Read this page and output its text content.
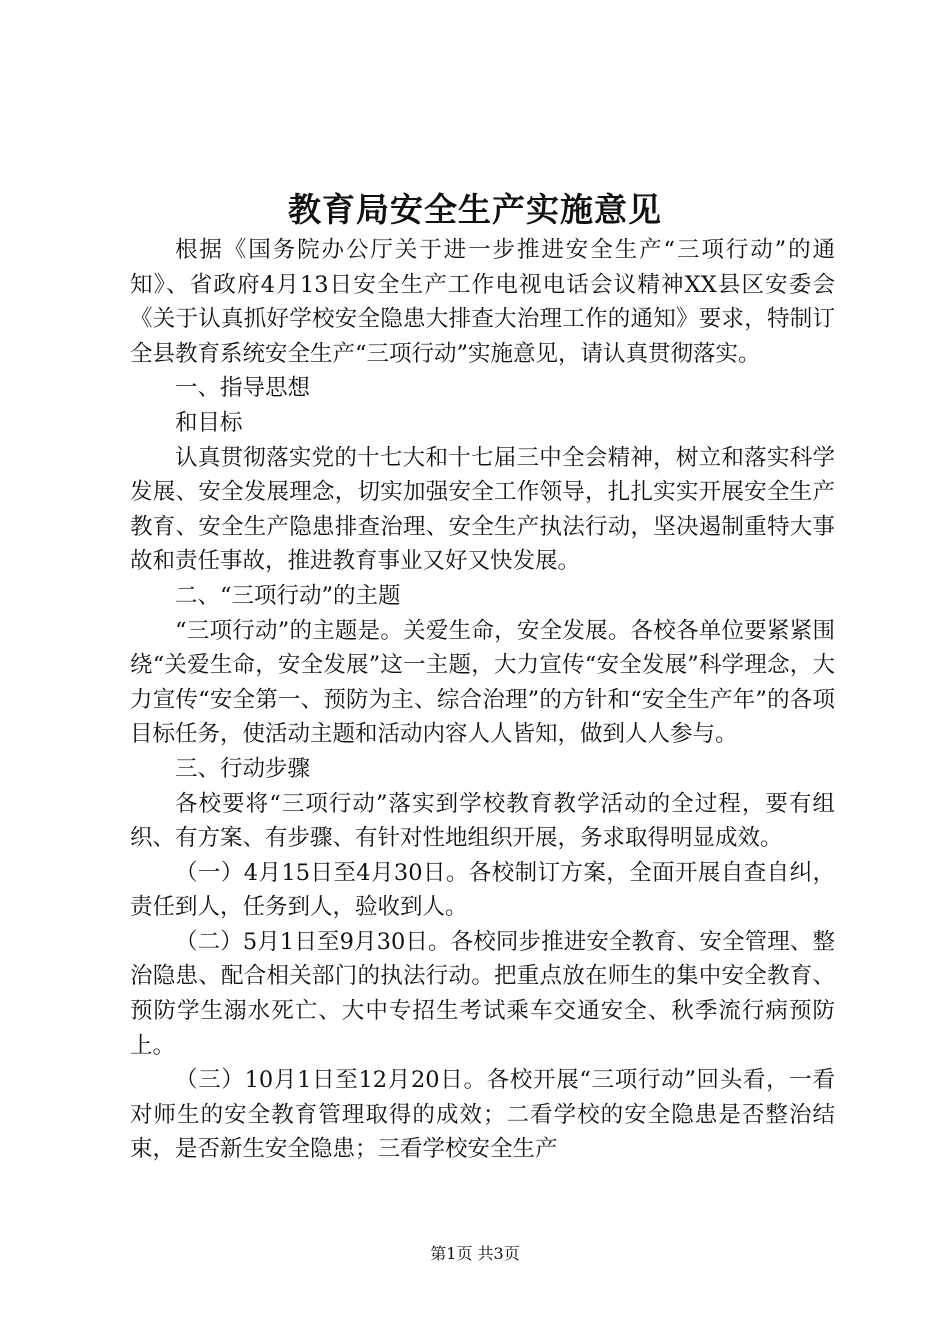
教育局安全生产实施意见

根据《国务院办公厅关于进一步推进安全生产“三项行动”的通知》、省政府4月13日安全生产工作电视电话会议精神XX县区安委会《关于认真抓好学校安全隐患大排查大治理工作的通知》要求，特制订全县教育系统安全生产“三项行动”实施意见，请认真贯彻落实。

一、指导思想

和目标

认真贯彻落实党的十七大和十七届三中全会精神，树立和落实科学发展、安全发展理念，切实加强安全工作领导，扎扎实实开展安全生产教育、安全生产隐患排查治理、安全生产执法行动，坚决遏制重特大事故和责任事故，推进教育事业又好又快发展。

二、“三项行动”的主题

“三项行动”的主题是。关爱生命，安全发展。各校各单位要紧紧围绕“关爱生命，安全发展”这一主题，大力宣传“安全发展”科学理念，大力宣传“安全第一、预防为主、综合治理”的方针和“安全生产年”的各项目标任务，使活动主题和活动内容人人皆知，做到人人参与。

三、行动步骤

各校要将“三项行动”落实到学校教育教学活动的全过程，要有组织、有方案、有步骤、有针对性地组织开展，务求取得明显成效。

（一）4月15日至4月30日。各校制订方案，全面开展自查自纠，责任到人，任务到人，验收到人。

（二）5月1日至9月30日。各校同步推进安全教育、安全管理、整治隐患、配合相关部门的执法行动。把重点放在师生的集中安全教育、预防学生溺水死亡、大中专招生考试乘车交通安全、秋季流行病预防上。

（三）10月1日至12月20日。各校开展“三项行动”回头看，一看对师生的安全教育管理取得的成效；二看学校的安全隐患是否整治结束，是否新生安全隐患；三看学校安全生产

第1页 共3页
